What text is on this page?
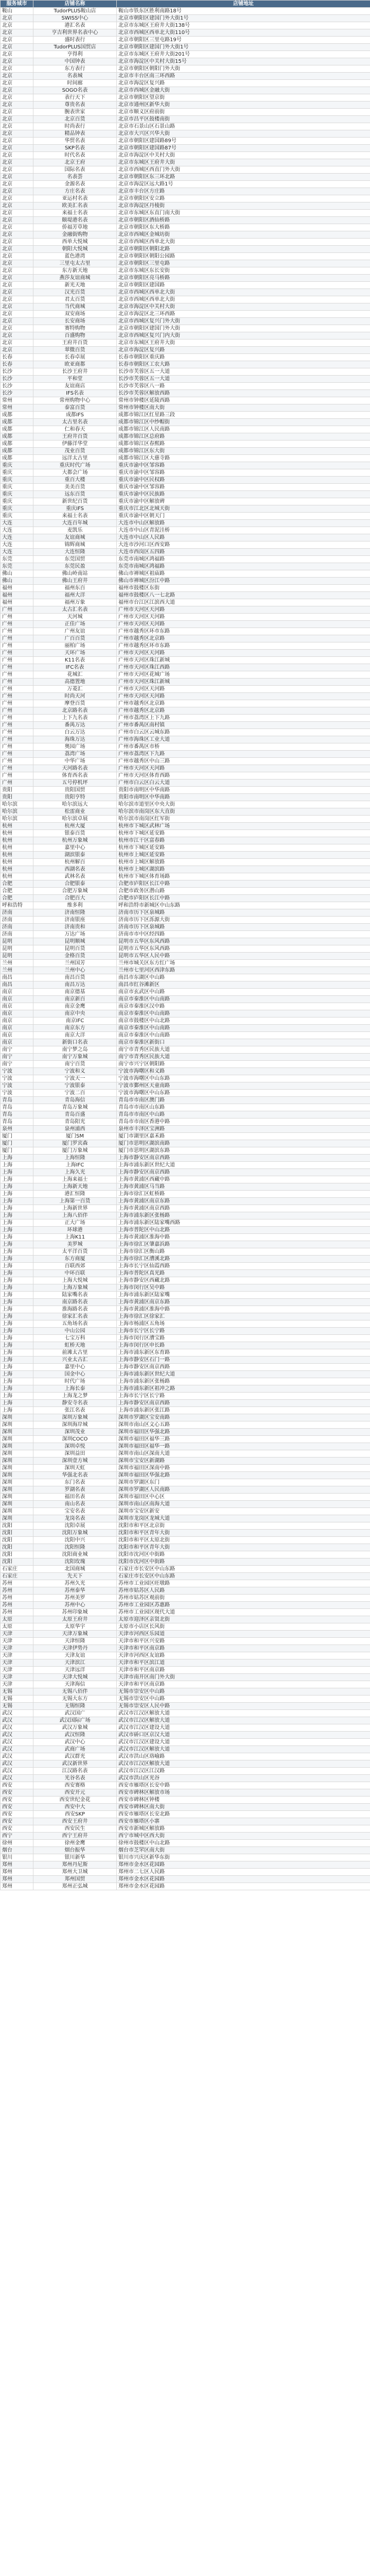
服务城市	店铺名称	店铺地址
鞍山	TudorPLUS鞍山店	鞍山市铁东区胜利南路18号
北京	SWISS中心	北京市朝阳区建国门外大街1号
北京	港汇名表	北京市东城区王府井大街138号
北京	亨吉利世界名表中心	北京市西城区西单北大街110号
北京	盛时表行	北京市朝阳区三里屯路19号
北京	TudorPLUS国贸店	北京市朝阳区建国门外大街1号
北京	亨得利	北京市东城区王府井大街201号
北京	中国钟表	北京市海淀区中关村大街15号
北京	东方表行	北京市朝阳区朝阳门外大街
北京	名表城	北京市丰台区南三环西路
北京	时间廊	北京市海淀区复兴路
北京	SOGO名表	北京市西城区金融大街
北京	表行天下	北京市朝阳区望京街
北京	尊贵名表	北京市通州区新华大街
北京	腕表世家	北京市顺义区府前街
北京	北京百货	北京市昌平区鼓楼南街
北京	时尚表行	北京市石景山区石景山路
北京	精品钟表	北京市大兴区兴华大街
北京	华贸名表	北京市朝阳区建国路89号
北京	SKP名表	北京市朝阳区建国路87号
北京	时代名表	北京市海淀区中关村大街
北京	北京王府	北京市东城区王府井大街
北京	国际名表	北京市西城区西直门外大街
北京	名表荟	北京市朝阳区东三环北路
北京	金源名表	北京市海淀区远大路1号
北京	方庄名表	北京市丰台区方庄路
北京	亚运村名表	北京市朝阳区安立路
北京	欧美汇名表	北京市海淀区丹棱街
北京	来福士名表	北京市东城区东直门南大街
北京	颐堤港名表	北京市朝阳区酒仙桥路
北京	侨福芳草地	北京市朝阳区东大桥路
北京	金融街购物	北京市西城区金城坊街
北京	西单大悦城	北京市西城区西单北大街
北京	朝阳大悦城	北京市朝阳区朝阳北路
北京	蓝色港湾	北京市朝阳区朝阳公园路
北京	三里屯太古里	北京市朝阳区三里屯路
北京	东方新天地	北京市东城区东长安街
北京	燕莎友谊商城	北京市朝阳区亮马桥路
北京	新光天地	北京市朝阳区建国路
北京	汉光百货	北京市西城区西单北大街
北京	君太百货	北京市西城区西单北大街
北京	当代商城	北京市海淀区中关村大街
北京	双安商场	北京市海淀区北三环西路
北京	长安商场	北京市西城区复兴门外大街
北京	赛特购物	北京市朝阳区建国门外大街
北京	百盛购物	北京市西城区复兴门内大街
北京	王府井百货	北京市东城区王府井大街
北京	翠微百货	北京市海淀区复兴路
长春	长春卓展	长春市朝阳区重庆路
长春	欧亚商都	长春市朝阳区工农大路
长沙	长沙王府井	长沙市芙蓉区五一大道
长沙	平和堂	长沙市芙蓉区五一大道
长沙	友谊商店	长沙市芙蓉区八一路
长沙	IFS名表	长沙市芙蓉区解放西路
常州	常州购物中心	常州市钟楼区延陵西路
常州	泰富百货	常州市钟楼区南大街
成都	成都IFS	成都市锦江区红星路三段
成都	太古里名表	成都市锦江区中纱帽街
成都	仁和春天	成都市锦江区人民南路
成都	王府井百货	成都市锦江区总府路
成都	伊藤洋华堂	成都市锦江区春熙路
成都	茂业百货	成都市锦江区东大街
成都	远洋太古里	成都市锦江区大慈寺路
重庆	重庆时代广场	重庆市渝中区邹容路
重庆	大都会广场	重庆市渝中区邹容路
重庆	重百大楼	重庆市渝中区民权路
重庆	美美百货	重庆市渝中区邹容路
重庆	远东百货	重庆市渝中区民族路
重庆	新世纪百货	重庆市渝中区解放碑
重庆	重庆IFS	重庆市江北区北城天街
重庆	来福士名表	重庆市渝中区朝天门
大连	大连百年城	大连市中山区解放路
大连	麦凯乐	大连市中山区青泥洼桥
大连	友谊商城	大连市中山区人民路
大连	锦辉商城	大连市沙河口区西安路
大连	大连恒隆	大连市西岗区五四路
东莞	东莞国贸	东莞市南城区鸿福路
东莞	东莞民盈	东莞市南城区鸿福路
佛山	佛山岭南站	佛山市禅城区祖庙路
佛山	佛山王府井	佛山市禅城区汾江中路
福州	福州东百	福州市鼓楼区东街
福州	福州大洋	福州市鼓楼区八一七北路
福州	福州万象	福州市台江区江滨西大道
广州	太古汇名表	广州市天河区天河路
广州	天河城	广州市天河区天河路
广州	正佳广场	广州市天河区天河路
广州	广州友谊	广州市越秀区环市东路
广州	广百百货	广州市越秀区北京路
广州	丽柏广场	广州市越秀区环市东路
广州	天环广场	广州市天河区天河路
广州	K11名表	广州市天河区珠江新城
广州	IFC名表	广州市天河区珠江西路
广州	花城汇	广州市天河区花城广场
广州	高德置地	广州市天河区珠江新城
广州	万菱汇	广州市天河区天河路
广州	时尚天河	广州市天河区天河路
广州	摩登百货	广州市越秀区北京路
广州	北京路名表	广州市越秀区北京路
广州	上下九名表	广州市荔湾区上下九路
广州	番禺万达	广州市番禺区南村镇
广州	白云万达	广州市白云区云城东路
广州	海珠万达	广州市海珠区工业大道
广州	奥园广场	广州市番禺区市桥
广州	荔湾广场	广州市荔湾区下九路
广州	中华广场	广州市越秀区中山三路
广州	天河路名表	广州市天河区天河路
广州	体育西名表	广州市天河区体育西路
广州	五号停机坪	广州市白云区白云大道
贵阳	贵阳国贸	贵阳市南明区中华南路
贵阳	贵阳亨特	贵阳市南明区中华南路
哈尔滨	哈尔滨远大	哈尔滨市道里区中央大街
哈尔滨	松雷商业	哈尔滨市南岗区东大直街
哈尔滨	哈尔滨卓展	哈尔滨市南岗区红军街
杭州	杭州大厦	杭州市下城区武林广场
杭州	银泰百货	杭州市下城区延安路
杭州	杭州万象城	杭州市江干区富春路
杭州	嘉里中心	杭州市下城区延安路
杭州	湖滨银泰	杭州市上城区延安路
杭州	杭州解百	杭州市上城区解放路
杭州	西湖名表	杭州市上城区湖滨路
杭州	武林名表	杭州市下城区体育场路
合肥	合肥银泰	合肥市庐阳区长江中路
合肥	合肥万象城	合肥市政务区潜山路
合肥	合肥百大	合肥市庐阳区长江中路
呼和浩特	维多利	呼和浩特市新城区中山东路
济南	济南恒隆	济南市历下区泉城路
济南	济南银座	济南市历下区泺源大街
济南	济南贵和	济南市历下区泉城路
济南	万达广场	济南市市中区经四路
昆明	昆明顺城	昆明市五华区东风西路
昆明	昆明百货	昆明市五华区东风西路
昆明	金格百货	昆明市五华区人民中路
兰州	兰州国芳	兰州市城关区东方红广场
兰州	兰州中心	兰州市七里河区西津东路
南昌	南昌百货	南昌市东湖区中山路
南昌	南昌万达	南昌市红谷滩新区
南京	南京德基	南京市玄武区中山路
南京	南京新百	南京市秦淮区中山南路
南京	南京金鹰	南京市秦淮区汉中路
南京	南京中央	南京市秦淮区中山南路
南京	南京IFC	南京市鼓楼区中山北路
南京	南京东方	南京市秦淮区中山南路
南京	南京大洋	南京市秦淮区中山南路
南京	新街口名表	南京市秦淮区新街口
南宁	南宁梦之岛	南宁市青秀区民族大道
南宁	南宁万象城	南宁市青秀区民族大道
南宁	南宁百货	南宁市兴宁区朝阳路
宁波	宁波和义	宁波市海曙区和义路
宁波	宁波天一	宁波市海曙区中山东路
宁波	宁波银泰	宁波市鄞州区天童南路
宁波	宁波二百	宁波市海曙区中山东路
青岛	青岛海信	青岛市市南区澳门路
青岛	青岛万象城	青岛市市南区山东路
青岛	青岛百盛	青岛市市南区中山路
青岛	青岛阳光	青岛市市南区香港中路
泉州	泉州浦西	泉州市丰泽区宝洲路
厦门	厦门SM	厦门市湖里区嘉禾路
厦门	厦门罗宾森	厦门市思明区湖滨南路
厦门	厦门万象城	厦门市思明区湖滨东路
上海	上海恒隆	上海市静安区南京西路
上海	上海IFC	上海市浦东新区世纪大道
上海	上海久光	上海市静安区南京西路
上海	上海来福士	上海市黄浦区西藏中路
上海	上海新天地	上海市黄浦区马当路
上海	港汇恒隆	上海市徐汇区虹桥路
上海	上海第一百货	上海市黄浦区南京东路
上海	上海新世界	上海市黄浦区南京西路
上海	上海八佰伴	上海市浦东新区张杨路
上海	正大广场	上海市浦东新区陆家嘴西路
上海	环球港	上海市普陀区中山北路
上海	上海K11	上海市黄浦区淮海中路
上海	美罗城	上海市徐汇区肇嘉浜路
上海	太平洋百货	上海市徐汇区衡山路
上海	东方商厦	上海市徐汇区漕溪北路
上海	百联西郊	上海市长宁区仙霞西路
上海	中环百联	上海市普陀区真光路
上海	上海大悦城	上海市静安区西藏北路
上海	上海万象城	上海市闵行区吴中路
上海	陆家嘴名表	上海市浦东新区陆家嘴
上海	南京路名表	上海市黄浦区南京东路
上海	淮海路名表	上海市黄浦区淮海中路
上海	徐家汇名表	上海市徐汇区徐家汇
上海	五角场名表	上海市杨浦区五角场
上海	中山公园	上海市长宁区长宁路
上海	七宝万科	上海市闵行区漕宝路
上海	虹桥天地	上海市闵行区申长路
上海	前滩太古里	上海市浦东新区东育路
上海	兴业太古汇	上海市静安区石门一路
上海	嘉里中心	上海市静安区南京西路
上海	国金中心	上海市浦东新区世纪大道
上海	时代广场	上海市浦东新区张杨路
上海	上海长泰	上海市浦东新区祖冲之路
上海	上海龙之梦	上海市长宁区长宁路
上海	静安寺名表	上海市静安区南京西路
上海	张江名表	上海市浦东新区张江路
深圳	深圳万象城	深圳市罗湖区宝安南路
深圳	深圳海岸城	深圳市南山区文心五路
深圳	深圳茂业	深圳市福田区华强北路
深圳	深圳COCO	深圳市福田区福华三路
深圳	深圳卓悦	深圳市福田区福华一路
深圳	深圳益田	深圳市南山区深南大道
深圳	深圳壹方城	深圳市宝安区新湖路
深圳	深圳天虹	深圳市福田区深南中路
深圳	华强北名表	深圳市福田区华强北路
深圳	东门名表	深圳市罗湖区东门
深圳	罗湖名表	深圳市罗湖区人民南路
深圳	福田名表	深圳市福田区中心区
深圳	南山名表	深圳市南山区南海大道
深圳	宝安名表	深圳市宝安区新安
深圳	龙岗名表	深圳市龙岗区龙城大道
沈阳	沈阳卓展	沈阳市和平区北京街
沈阳	沈阳万象城	沈阳市和平区青年大街
沈阳	沈阳中兴	沈阳市和平区太原北街
沈阳	沈阳恒隆	沈阳市和平区青年大街
沈阳	沈阳商业城	沈阳市沈河区中街路
沈阳	沈阳玫瑰	沈阳市沈河区中街路
石家庄	北国商城	石家庄市长安区中山东路
石家庄	先天下	石家庄市长安区中山东路
苏州	苏州久光	苏州市工业园区旺墩路
苏州	苏州泰华	苏州市姑苏区人民路
苏州	苏州美罗	苏州市姑苏区观前街
苏州	苏州中心	苏州市工业园区苏惠路
苏州	苏州印象城	苏州市工业园区现代大道
太原	太原王府井	太原市迎泽区亲贤北街
太原	太原华宇	太原市小店区长风街
天津	天津万象城	天津市河西区乐园道
天津	天津恒隆	天津市和平区兴安路
天津	天津伊势丹	天津市和平区南京路
天津	天津友谊	天津市河西区友谊路
天津	天津滨江	天津市和平区滨江道
天津	天津远洋	天津市和平区南京路
天津	天津大悦城	天津市南开区南门外大街
天津	天津海信	天津市和平区南京路
无锡	无锡八佰伴	无锡市崇安区中山路
无锡	无锡大东方	无锡市崇安区中山路
无锡	无锡恒隆	无锡市崇安区人民中路
武汉	武汉国广	武汉市江汉区解放大道
武汉	武汉国际广场	武汉市江汉区解放大道
武汉	武汉万象城	武汉市江汉区建设大道
武汉	武汉恒隆	武汉市硚口区京汉大道
武汉	武汉中心	武汉市江汉区建设大道
武汉	武商广场	武汉市江汉区解放大道
武汉	武汉群光	武汉市洪山区珞喻路
武汉	武汉新世界	武汉市江汉区解放大道
武汉	江汉路名表	武汉市江汉区江汉路
武汉	光谷名表	武汉市洪山区光谷
西安	西安赛格	西安市雁塔区长安中路
西安	西安开元	西安市碑林区解放市场
西安	西安世纪金花	西安市碑林区钟楼
西安	西安中大	西安市碑林区南大街
西安	西安SKP	西安市雁塔区长安北路
西安	西安王府井	西安市雁塔区小寨
西安	西安民生	西安市新城区解放路
西宁	西宁王府井	西宁市城中区西大街
徐州	徐州金鹰	徐州市鼓楼区中山北路
烟台	烟台振华	烟台市芝罘区南大街
银川	银川新华	银川市兴庆区新华东街
郑州	郑州丹尼斯	郑州市金水区花园路
郑州	郑州大卫城	郑州市二七区人民路
郑州	郑州国贸	郑州市金水区花园路
郑州	郑州正弘城	郑州市金水区花园路
